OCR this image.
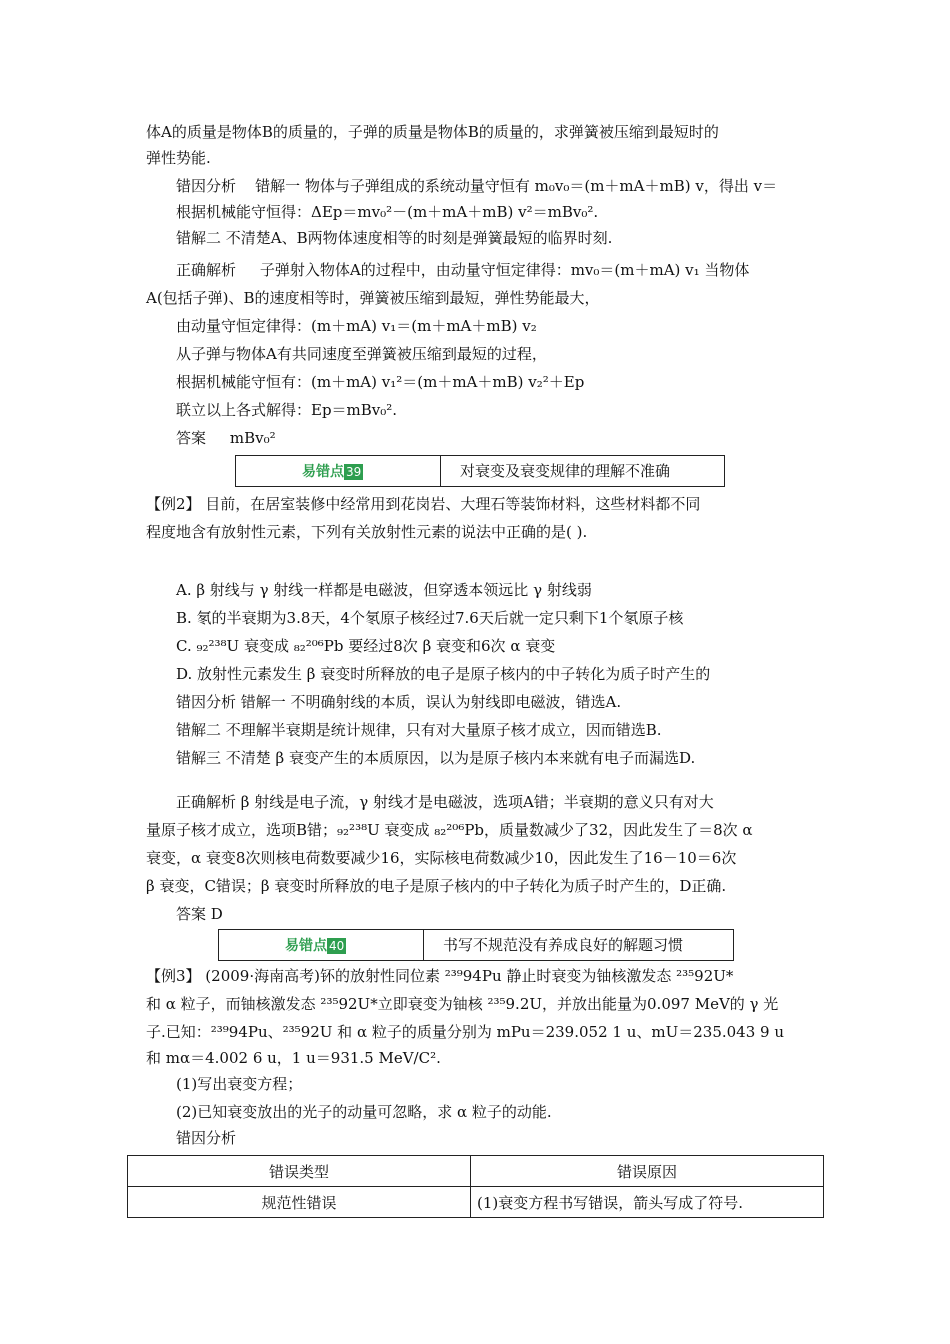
体A的质量是物体B的质量的，子弹的质量是物体B的质量的，求弹簧被压缩到最短时的
弹性势能.
错因分析 错解一 物体与子弹组成的系统动量守恒有 m₀v₀＝(m＋mA＋mB) v，得出 v＝
根据机械能守恒得：ΔEp＝mv₀²－(m＋mA＋mB) v²＝mBv₀².
错解二 不清楚A、B两物体速度相等的时刻是弹簧最短的临界时刻.
正确解析 子弹射入物体A的过程中，由动量守恒定律得：mv₀＝(m＋mA) v₁ 当物体
A(包括子弹)、B的速度相等时，弹簧被压缩到最短，弹性势能最大，
由动量守恒定律得：(m＋mA) v₁＝(m＋mA＋mB) v₂
从子弹与物体A有共同速度至弹簧被压缩到最短的过程，
根据机械能守恒有：(m＋mA) v₁²＝(m＋mA＋mB) v₂²＋Ep
联立以上各式解得：Ep＝mBv₀².
答案 mBv₀²
易错点 39	对衰变及衰变规律的理解不准确
【例2】 目前，在居室装修中经常用到花岗岩、大理石等装饰材料，这些材料都不同
程度地含有放射性元素，下列有关放射性元素的说法中正确的是( ).
A. β 射线与 γ 射线一样都是电磁波，但穿透本领远比 γ 射线弱
B. 氡的半衰期为3.8天，4个氡原子核经过7.6天后就一定只剩下1个氡原子核
C. ₉₂²³⁸U 衰变成 ₈₂²⁰⁶Pb 要经过8次 β 衰变和6次 α 衰变
D. 放射性元素发生 β 衰变时所释放的电子是原子核内的中子转化为质子时产生的
错因分析 错解一 不明确射线的本质，误认为射线即电磁波，错选A.
错解二 不理解半衰期是统计规律，只有对大量原子核才成立，因而错选B.
错解三 不清楚 β 衰变产生的本质原因，以为是原子核内本来就有电子而漏选D.
正确解析 β 射线是电子流，γ 射线才是电磁波，选项A错；半衰期的意义只有对大
量原子核才成立，选项B错；₉₂²³⁸U 衰变成 ₈₂²⁰⁶Pb，质量数减少了32，因此发生了＝8次 α
衰变，α 衰变8次则核电荷数要减少16，实际核电荷数减少10，因此发生了16－10＝6次
β 衰变，C错误；β 衰变时所释放的电子是原子核内的中子转化为质子时产生的，D正确.
答案 D
易错点 40	书写不规范没有养成良好的解题习惯
【例3】 (2009·海南高考)钚的放射性同位素 ²³⁹94Pu 静止时衰变为铀核激发态 ²³⁵92U*
和 α 粒子，而铀核激发态 ²³⁵92U*立即衰变为铀核 ²³⁵9.2U，并放出能量为0.097 MeV的 γ 光
子.已知：²³⁹94Pu、²³⁵92U 和 α 粒子的质量分别为 mPu＝239.052 1 u、mU＝235.043 9 u
和 mα＝4.002 6 u，1 u＝931.5 MeV/C².
(1)写出衰变方程；
(2)已知衰变放出的光子的动量可忽略，求 α 粒子的动能.
错因分析
错误类型	错误原因
规范性错误	(1)衰变方程书写错误，箭头写成了符号.
